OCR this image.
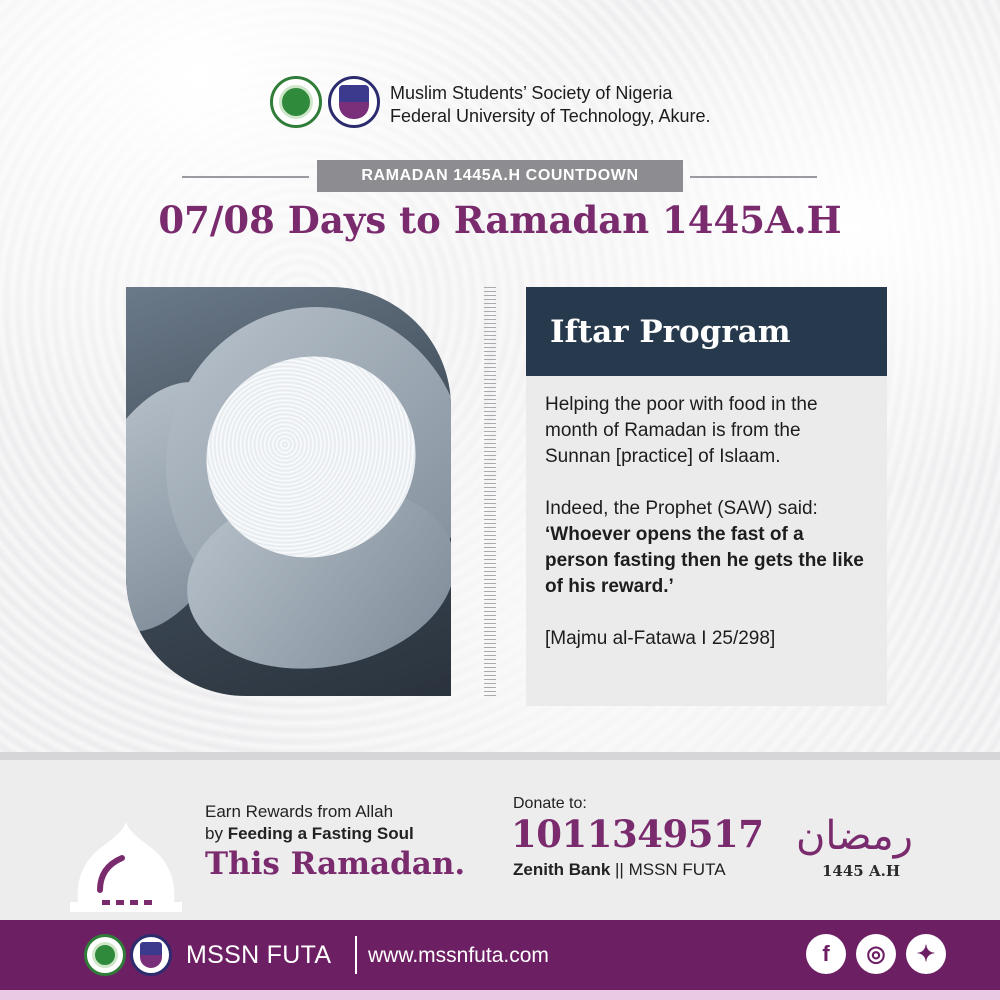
Muslim Students’ Society of Nigeria
Federal University of Technology, Akure.
RAMADAN 1445A.H COUNTDOWN
07/08 Days to Ramadan 1445A.H
Iftar Program

Helping the poor with food in the month of Ramadan is from the Sunnan [practice] of Islaam.

Indeed, the Prophet (SAW) said: ‘Whoever opens the fast of a person fasting then he gets the like of his reward.’

[Majmu al-Fatawa I 25/298]

Earn Rewards from Allah
by Feeding a Fasting Soul
This Ramadan.
Donate to:
1011349517
Zenith Bank || MSSN FUTA
رمضان
1445 A.H
MSSN FUTA www.mssnfuta.com	f	◎	✦
